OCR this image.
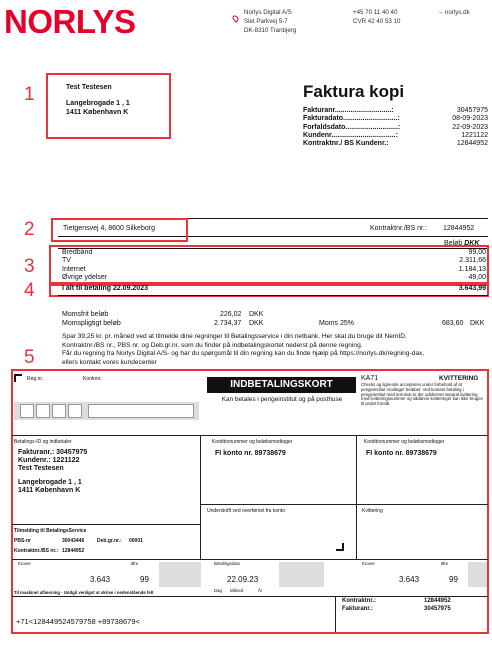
NORLYS	Norlys Digital A/S
Slet Parkvej 5-7
DK-8310 Tranbjerg
+45 70 11 40 40
CVR 42 40 53 10
→ norlys.dk
1
2
3
4
5
Test Testesen
Langebrogade 1 , 1
1411 København K
Faktura kopi
Fakturanr.............................:	30457975
Fakturadato............................:	08-09-2023
Forfaldsdato...........................:	22-09-2023
Kundenr.................................:	1221122
Kontraktnr./ BS Kundenr.:	12844952
Tietgensvej 4, 8600 Silkeborg	Kontraktnr./BS nr.: 12844952
Beløb DKK
Bredbånd	99,00
TV	2.311,66
Internet	1.184,13
Øvrige ydelser	49,00
I alt til betaling 22.09.2023	3.643,99
Momsfrit beløb	226,02 DKK
Momspligtigt beløb	2.734,37 DKK	Moms 25%	683,60 DKK
Spar 39,25 kr. pr. måned ved at tilmelde dine regninger til Betalingsservice i din netbank. Her skal du bruge dit NemID,
Kontraktnr./BS nr., PBS nr. og Deb.gr.nr. som du finder på indbetalingskortet nederst på denne regning.
Får du regning fra Norlys Digital A/S- og har du spørgsmål til din regning kan du finde hjælp på https://norlys.dk/regning-dax,
ellers kontakt vores kundecenter
Reg.nr.	Kontonr.	INDBETALINGSKORT
Kan betales i pengeinstitut og på posthuse
KA71	KVITTERING
Checks og lignende accepteres under forbehold af at pengeinstitut modtager beløbet. Ved kontant betaling i pengeinstitut med terminal er der udskrevet separat kvittering med kvitteringsnummer og sådanne kvitteringer kan ikke bruges til andet formål.
Betalings-ID og indbetaler
Fakturanr.: 30457975
Kundenr.: 1221122
Test Testesen
Langebrogade 1 , 1
1411 København K
Tilmelding til BetalingsService
PBS-nr	30043446	Deb.gr.nr.: 00001
Kontraktnr./BS nr.: 12844952
Kreditornummer og beløbsmodtager
FI konto nr. 89738679
Underskrift ved overførsel fra konto
Kreditornummer og beløbsmodtager
FI konto nr. 89738679
Kvittering
Kroner	Øre
3.643	99
Betalingsdato
22.09.23
Dag Måned	År
Kroner	Øre
3.643	99
Til maskinel aflæsning - Undgå venligst at skrive i nedenstående felt
+71<128449524579758 +89738679<
Kontraktnr.:	12844952
Fakturanr.:	30457975
